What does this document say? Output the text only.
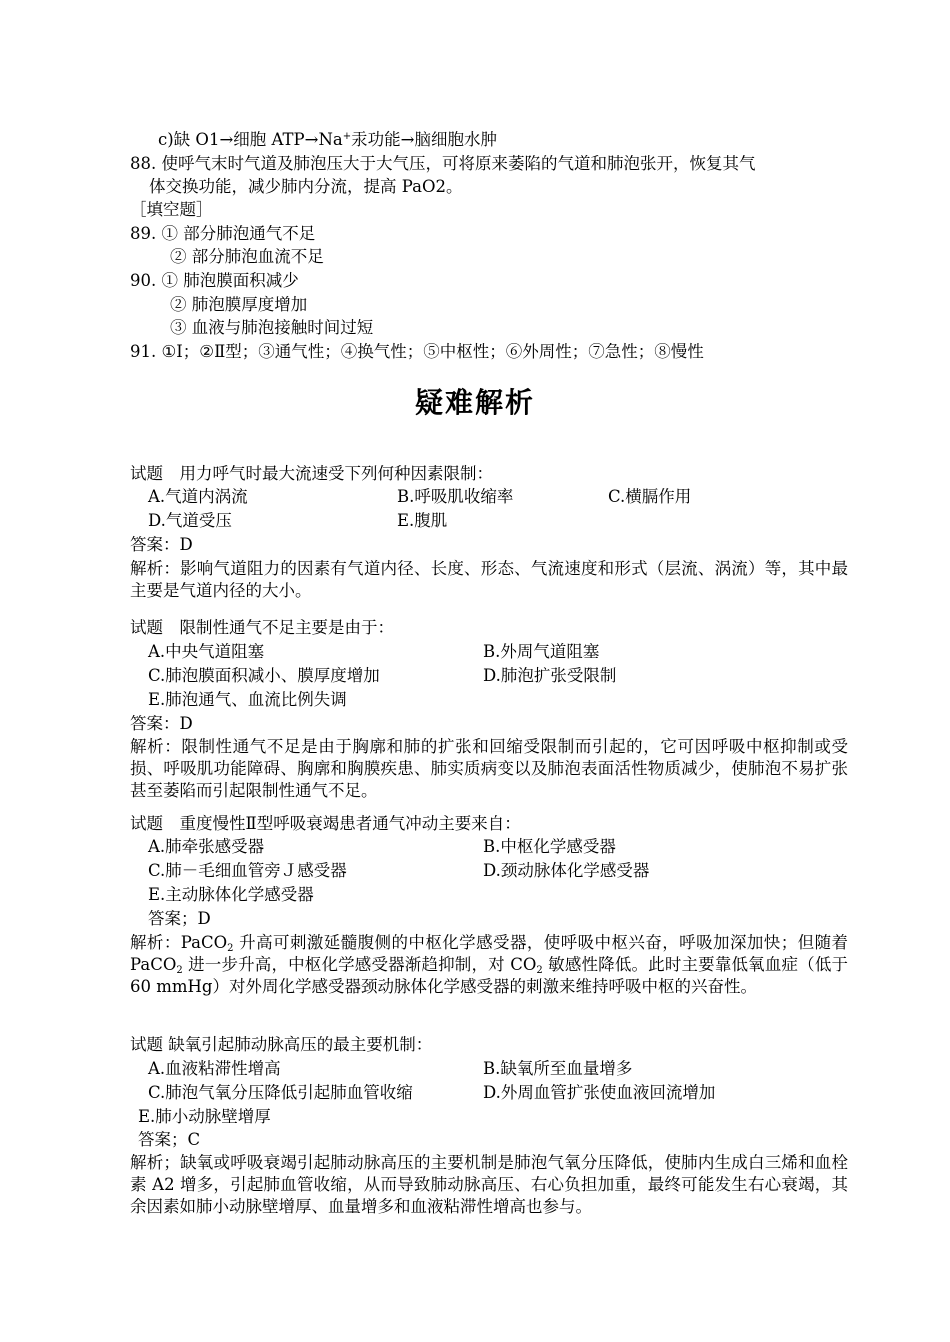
c)缺 O1→细胞 ATP→Na+汞功能→脑细胞水肿
88. 使呼气末时气道及肺泡压大于大气压，可将原来萎陷的气道和肺泡张开，恢复其气
体交换功能，减少肺内分流，提高 PaO2。
［填空题］
89. ① 部分肺泡通气不足
② 部分肺泡血流不足
90. ① 肺泡膜面积减少
② 肺泡膜厚度增加
③ 血液与肺泡接触时间过短
91. ①Ⅰ；②Ⅱ型；③通气性；④换气性；⑤中枢性；⑥外周性；⑦急性；⑧慢性
疑难解析
试题　用力呼气时最大流速受下列何种因素限制：
A.气道内涡流	B.呼吸肌收缩率	C.横膈作用
D.气道受压	E.腹肌
答案：D
解析：影响气道阻力的因素有气道内径、长度、形态、气流速度和形式（层流、涡流）等，其中最主要是气道内径的大小。
试题　限制性通气不足主要是由于：
A.中央气道阻塞	B.外周气道阻塞
C.肺泡膜面积减小、膜厚度增加	D.肺泡扩张受限制
E.肺泡通气、血流比例失调
答案：D
解析：限制性通气不足是由于胸廓和肺的扩张和回缩受限制而引起的，它可因呼吸中枢抑制或受损、呼吸肌功能障碍、胸廓和胸膜疾患、肺实质病变以及肺泡表面活性物质减少，使肺泡不易扩张甚至萎陷而引起限制性通气不足。
试题　重度慢性Ⅱ型呼吸衰竭患者通气冲动主要来自：
A.肺牵张感受器	B.中枢化学感受器
C.肺－毛细血管旁Ｊ感受器	D.颈动脉体化学感受器
E.主动脉体化学感受器
答案；D
解析：PaCO$_2$ 升高可刺激延髓腹侧的中枢化学感受器，使呼吸中枢兴奋，呼吸加深加快；但随着 PaCO$_2$ 进一步升高，中枢化学感受器渐趋抑制，对 $CO_2$ 敏感性降低。此时主要靠低氧血症（低于 60 mmHg）对外周化学感受器颈动脉体化学感受器的刺激来维持呼吸中枢的兴奋性。
试题 缺氧引起肺动脉高压的最主要机制：
A.血液粘滞性增高	B.缺氧所至血量增多
C.肺泡气氧分压降低引起肺血管收缩	D.外周血管扩张使血液回流增加
E.肺小动脉壁增厚
答案；C
解析；缺氧或呼吸衰竭引起肺动脉高压的主要机制是肺泡气氧分压降低，使肺内生成白三烯和血栓素 A2 增多，引起肺血管收缩，从而导致肺动脉高压、右心负担加重，最终可能发生右心衰竭，其余因素如肺小动脉壁增厚、血量增多和血液粘滞性增高也参与。
